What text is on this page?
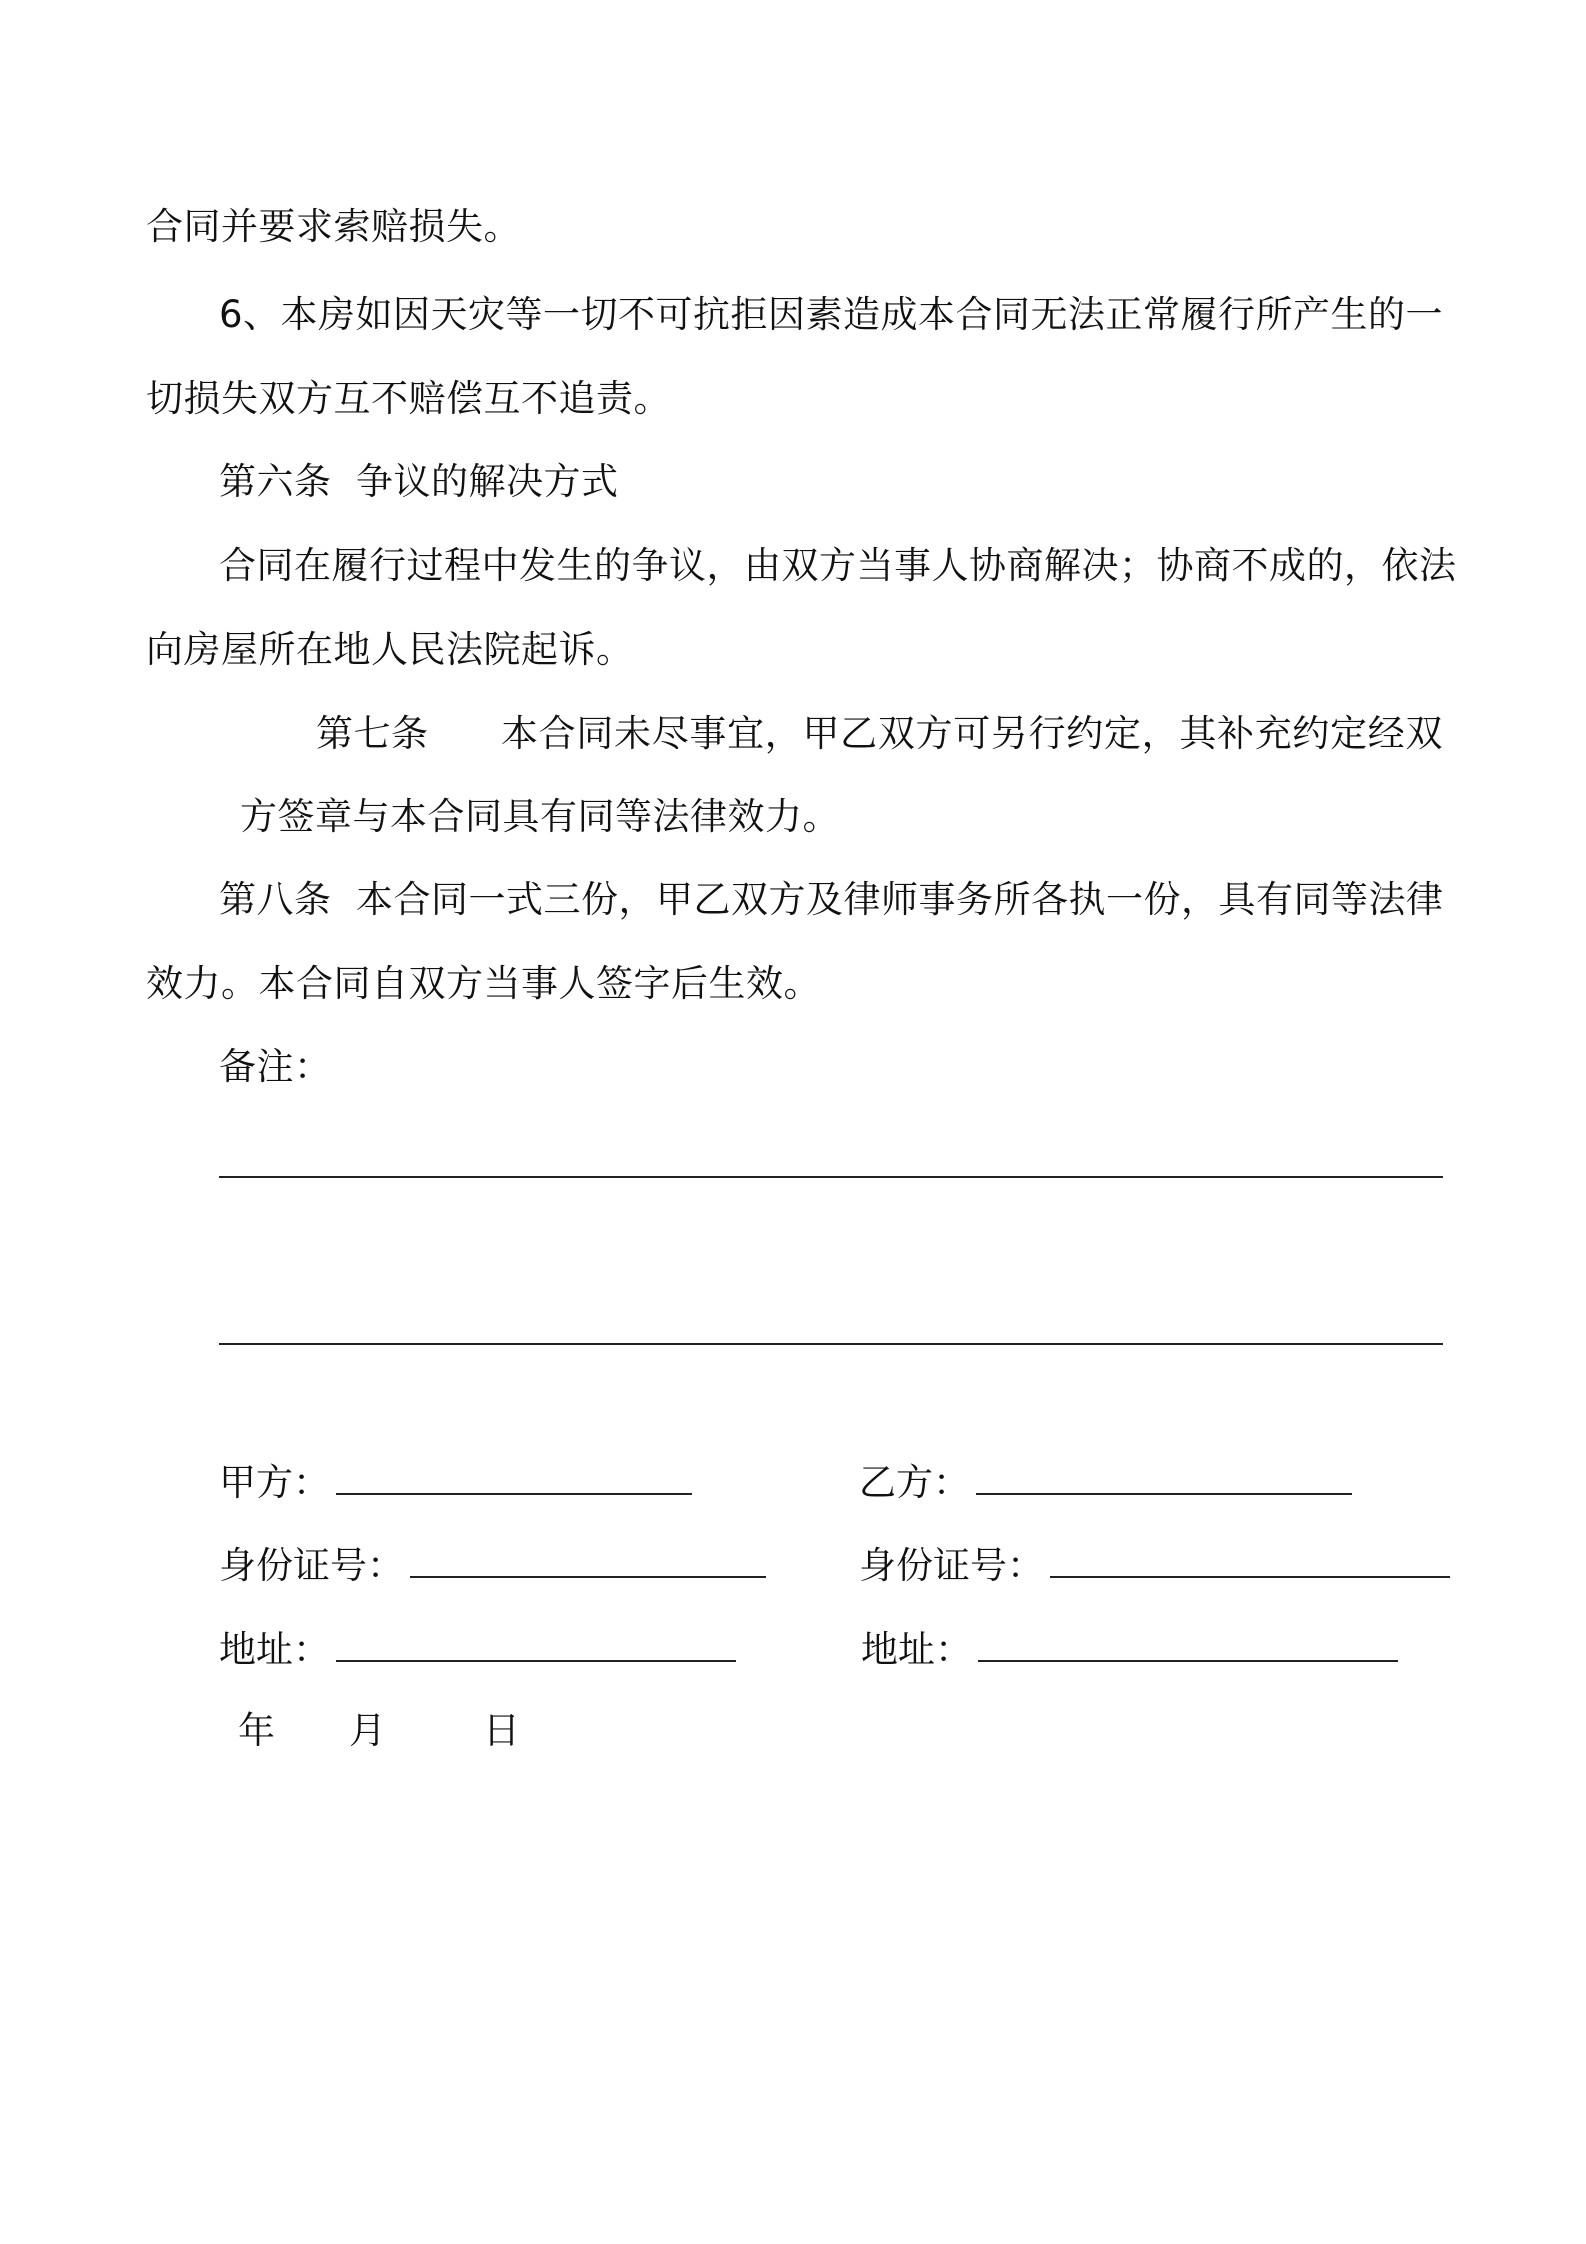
合同并要求索赔损失。
6、本房如因天灾等一切不可抗拒因素造成本合同无法正常履行所产生的一
切损失双方互不赔偿互不追责。
第六条  争议的解决方式
合同在履行过程中发生的争议，由双方当事人协商解决；协商不成的，依法
向房屋所在地人民法院起诉。
第七条 本合同未尽事宜，甲乙双方可另行约定，其补充约定经双
方签章与本合同具有同等法律效力。
第八条  本合同一式三份，甲乙双方及律师事务所各执一份，具有同等法律
效力。本合同自双方当事人签字后生效。
备注：
甲方：
身份证号：
地址：
乙方：
身份证号：
地址：
年 月	日
